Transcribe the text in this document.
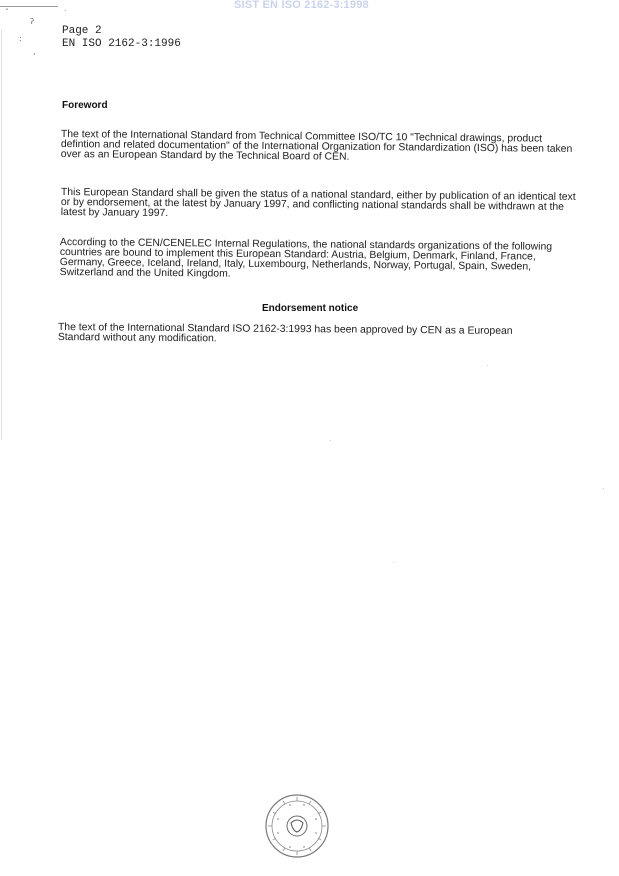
SIST EN ISO 2162-3:1998
ˇ
ʔ
:
,
ˋ
Page 2
EN ISO 2162-3:1996
Foreword

The text of the International Standard from Technical Committee ISO/TC 10 "Technical drawings, product defintion and related documentation" of the International Organization for Standardization (ISO) has been taken over as an European Standard by the Technical Board of CEN.

This European Standard shall be given the status of a national standard, either by publication of an identical text or by endorsement, at the latest by January 1997, and conflicting national standards shall be withdrawn at the latest by January 1997.

According to the CEN/CENELEC Internal Regulations, the national standards organizations of the following countries are bound to implement this European Standard: Austria, Belgium, Denmark, Finland, France, Germany, Greece, Iceland, Ireland, Italy, Luxembourg, Netherlands, Norway, Portugal, Spain, Sweden, Switzerland and the United Kingdom.

Endorsement notice

The text of the International Standard ISO 2162-3:1993 has been approved by CEN as a European Standard without any modification.
